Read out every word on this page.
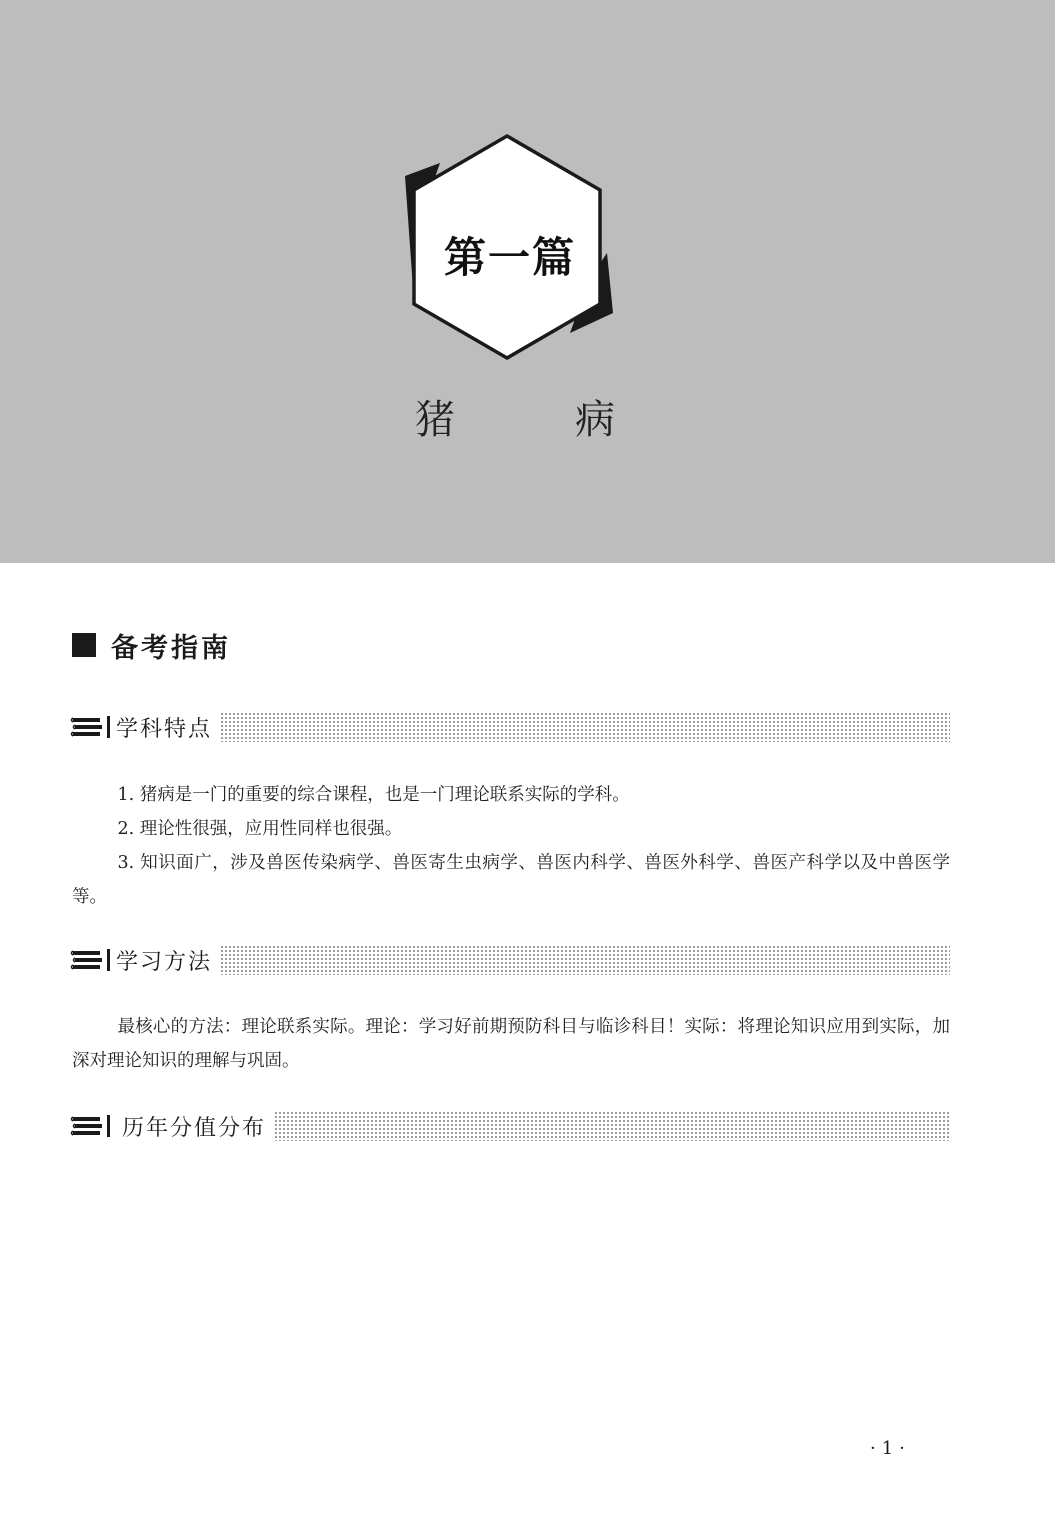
第一篇
猪	病
备考指南
学科特点

1. 猪病是一门的重要的综合课程，也是一门理论联系实际的学科。

2. 理论性很强，应用性同样也很强。

3. 知识面广，涉及兽医传染病学、兽医寄生虫病学、兽医内科学、兽医外科学、兽医产科学以及中兽医学等。

学习方法

最核心的方法：理论联系实际。理论：学习好前期预防科目与临诊科目！实际：将理论知识应用到实际，加深对理论知识的理解与巩固。

历年分值分布
·1·
